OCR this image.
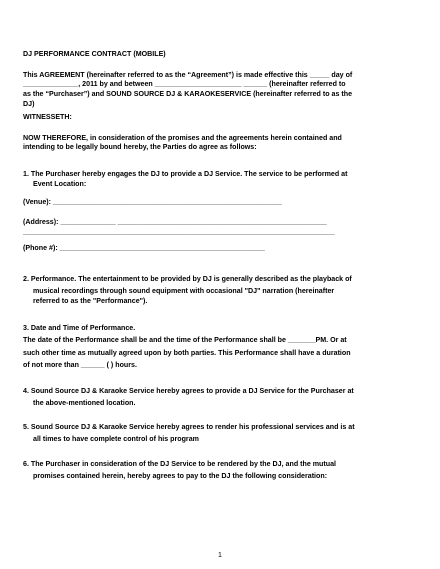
DJ PERFORMANCE CONTRACT (MOBILE)

This AGREEMENT (hereinafter referred to as the “Agreement”) is made effective this _____ day of

______________, 2011 by and between ______________________ ______ (hereinafter referred to

as the “Purchaser”) and SOUND SOURCE DJ & KARAOKESERVICE (hereinafter referred to as the

DJ)

WITNESSETH:

NOW THEREFORE, in consideration of the promises and the agreements herein contained and

intending to be legally bound hereby, the Parties do agree as follows:

1. The Purchaser hereby engages the DJ to provide a DJ Service. The service to be performed at

Event Location:

(Venue): __________________________________________________________

(Address): ______________ _____________________________________________________

_______________________________________________________________________________

(Phone #): ____________________________________________________

2. Performance. The entertainment to be provided by DJ is generally described as the playback of

musical recordings through sound equipment with occasional "DJ" narration (hereinafter

referred to as the "Performance").

3. Date and Time of Performance.

The date of the Performance shall be and the time of the Performance shall be _______PM. Or at

such other time as mutually agreed upon by both parties. This Performance shall have a duration

of not more than ______ ( ) hours.

4. Sound Source DJ & Karaoke Service hereby agrees to provide a DJ Service for the Purchaser at

the above-mentioned location.

5. Sound Source DJ & Karaoke Service hereby agrees to render his professional services and is at

all times to have complete control of his program

6. The Purchaser in consideration of the DJ Service to be rendered by the DJ, and the mutual

promises contained herein, hereby agrees to pay to the DJ the following consideration:

1
